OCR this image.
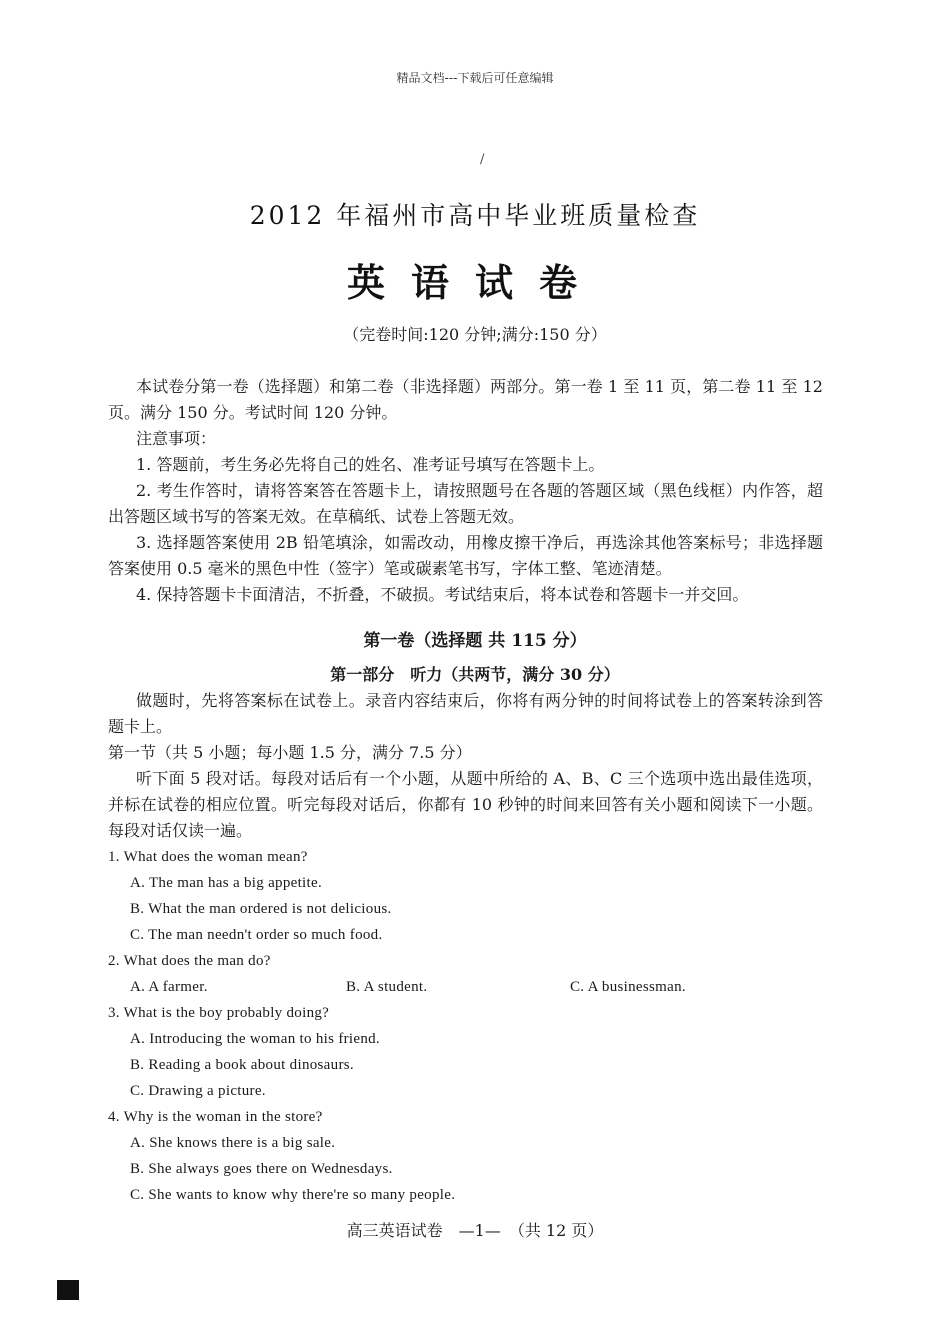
精品文档---下载后可任意编辑
/
2012 年福州市高中毕业班质量检查
英语试卷
（完卷时间:120 分钟;满分:150 分）
本试卷分第一卷（选择题）和第二卷（非选择题）两部分。第一卷 1 至 11 页，第二卷 11 至 12 页。满分 150 分。考试时间 120 分钟。
注意事项：
1. 答题前，考生务必先将自己的姓名、准考证号填写在答题卡上。
2. 考生作答时，请将答案答在答题卡上，请按照题号在各题的答题区域（黑色线框）内作答，超出答题区域书写的答案无效。在草稿纸、试卷上答题无效。
3. 选择题答案使用 2B 铅笔填涂，如需改动，用橡皮擦干净后，再选涂其他答案标号；非选择题答案使用 0.5 毫米的黑色中性（签字）笔或碳素笔书写，字体工整、笔迹清楚。
4. 保持答题卡卡面清洁，不折叠，不破损。考试结束后，将本试卷和答题卡一并交回。
第一卷（选择题 共 115 分）
第一部分　听力（共两节，满分 30 分）
做题时，先将答案标在试卷上。录音内容结束后，你将有两分钟的时间将试卷上的答案转涂到答题卡上。
第一节（共 5 小题；每小题 1.5 分，满分 7.5 分）
听下面 5 段对话。每段对话后有一个小题，从题中所给的 A、B、C 三个选项中选出最佳选项，并标在试卷的相应位置。听完每段对话后，你都有 10 秒钟的时间来回答有关小题和阅读下一小题。每段对话仅读一遍。
1. What does the woman mean?
A. The man has a big appetite.
B. What the man ordered is not delicious.
C. The man needn't order so much food.
2. What does the man do?
A. A farmer.	B. A student.	C. A businessman.
3. What is the boy probably doing?
A. Introducing the woman to his friend.
B. Reading a book about dinosaurs.
C. Drawing a picture.
4. Why is the woman in the store?
A. She knows there is a big sale.
B. She always goes there on Wednesdays.
C. She wants to know why there're so many people.
高三英语试卷　—1—　（共 12 页）
